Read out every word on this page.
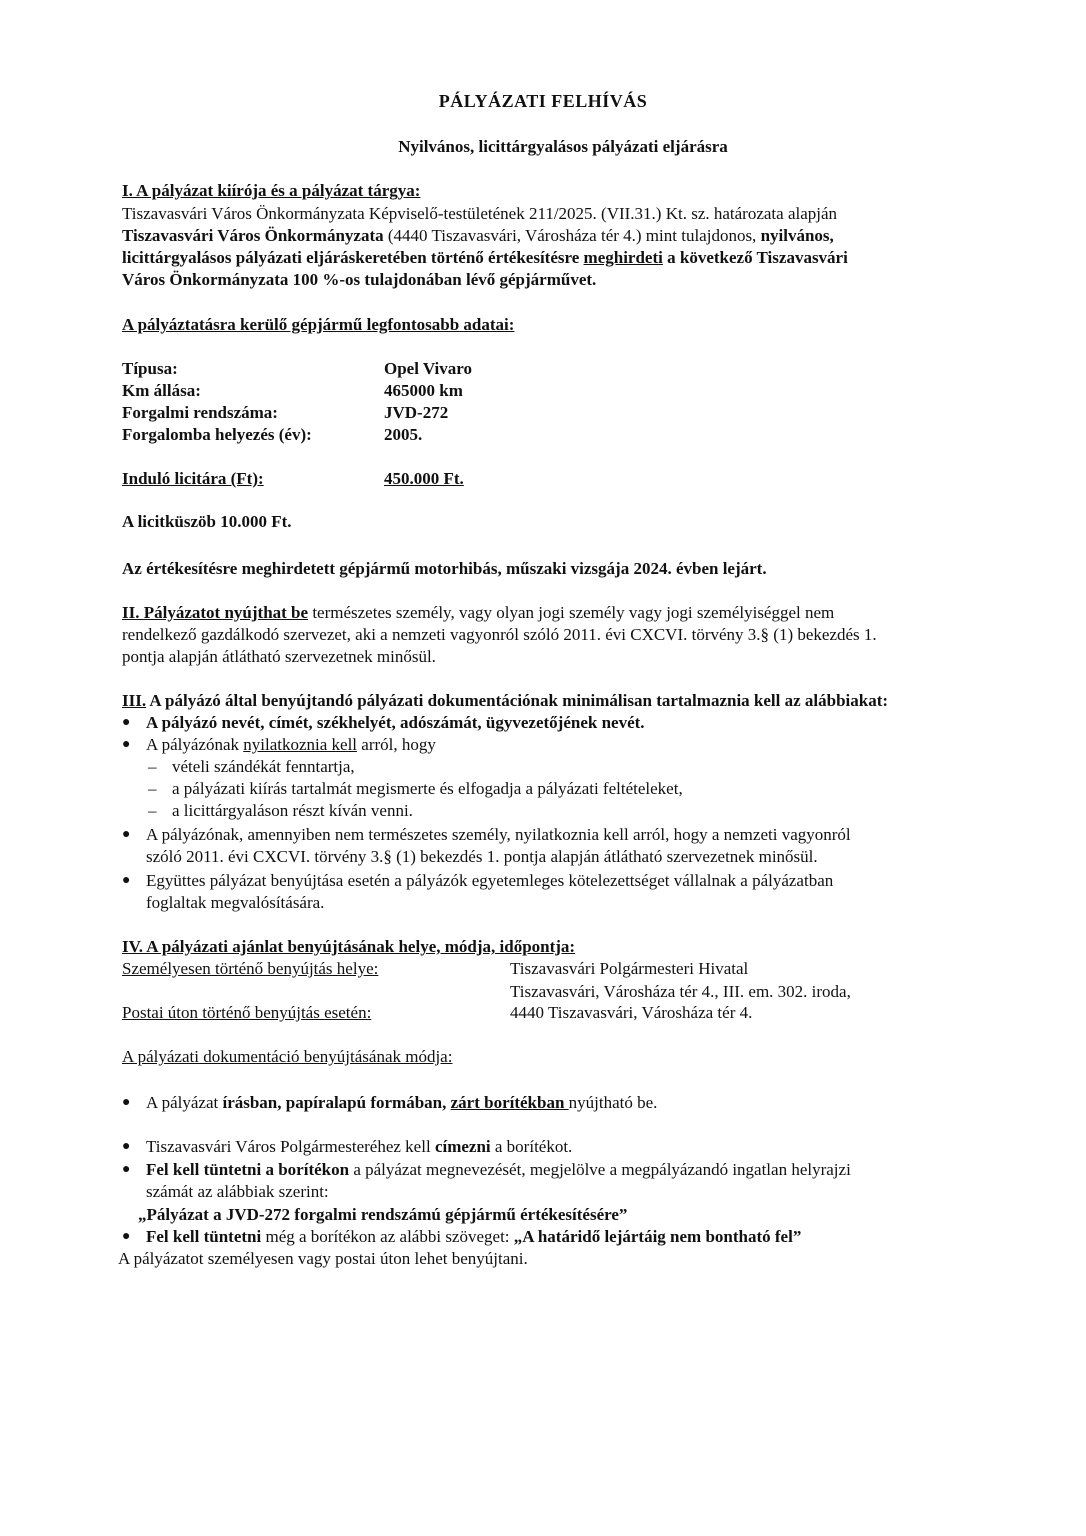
PÁLYÁZATI FELHÍVÁS
Nyilvános, licittárgyalásos pályázati eljárásra
I. A pályázat kiírója és a pályázat tárgya:
Tiszavasvári Város Önkormányzata Képviselő-testületének 211/2025. (VII.31.) Kt. sz. határozata alapján
Tiszavasvári Város Önkormányzata (4440 Tiszavasvári, Városháza tér 4.) mint tulajdonos, nyilvános,
licittárgyalásos pályázati eljáráskeretében történő értékesítésre meghirdeti a következő Tiszavasvári
Város Önkormányzata 100 %-os tulajdonában lévő gépjárművet.
A pályáztatásra kerülő gépjármű legfontosabb adatai:
Típusa:	Opel Vivaro
Km állása:	465000 km
Forgalmi rendszáma:	JVD-272
Forgalomba helyezés (év):	2005.
Induló licitára (Ft):	450.000 Ft.
A licitküszöb 10.000 Ft.
Az értékesítésre meghirdetett gépjármű motorhibás, műszaki vizsgája 2024. évben lejárt.
II. Pályázatot nyújthat be természetes személy, vagy olyan jogi személy vagy jogi személyiséggel nem
rendelkező gazdálkodó szervezet, aki a nemzeti vagyonról szóló 2011. évi CXCVI. törvény 3.§ (1) bekezdés 1.
pontja alapján átlátható szervezetnek minősül.
III. A pályázó által benyújtandó pályázati dokumentációnak minimálisan tartalmaznia kell az alábbiakat:
● A pályázó nevét, címét, székhelyét, adószámát, ügyvezetőjének nevét.
● A pályázónak nyilatkoznia kell arról, hogy
– vételi szándékát fenntartja,
– a pályázati kiírás tartalmát megismerte és elfogadja a pályázati feltételeket,
– a licittárgyaláson részt kíván venni.
● A pályázónak, amennyiben nem természetes személy, nyilatkoznia kell arról, hogy a nemzeti vagyonról
szóló 2011. évi CXCVI. törvény 3.§ (1) bekezdés 1. pontja alapján átlátható szervezetnek minősül.
● Együttes pályázat benyújtása esetén a pályázók egyetemleges kötelezettséget vállalnak a pályázatban
foglaltak megvalósítására.
IV. A pályázati ajánlat benyújtásának helye, módja, időpontja:
Személyesen történő benyújtás helye:	Tiszavasvári Polgármesteri Hivatal
Tiszavasvári, Városháza tér 4., III. em. 302. iroda,
Postai úton történő benyújtás esetén:	4440 Tiszavasvári, Városháza tér 4.
A pályázati dokumentáció benyújtásának módja:
● A pályázat írásban, papíralapú formában, zárt borítékban nyújtható be.
● Tiszavasvári Város Polgármesteréhez kell címezni a borítékot.
● Fel kell tüntetni a borítékon a pályázat megnevezését, megjelölve a megpályázandó ingatlan helyrajzi
számát az alábbiak szerint:
„Pályázat a JVD-272 forgalmi rendszámú gépjármű értékesítésére”
● Fel kell tüntetni még a borítékon az alábbi szöveget: „A határidő lejártáig nem bontható fel”
A pályázatot személyesen vagy postai úton lehet benyújtani.
